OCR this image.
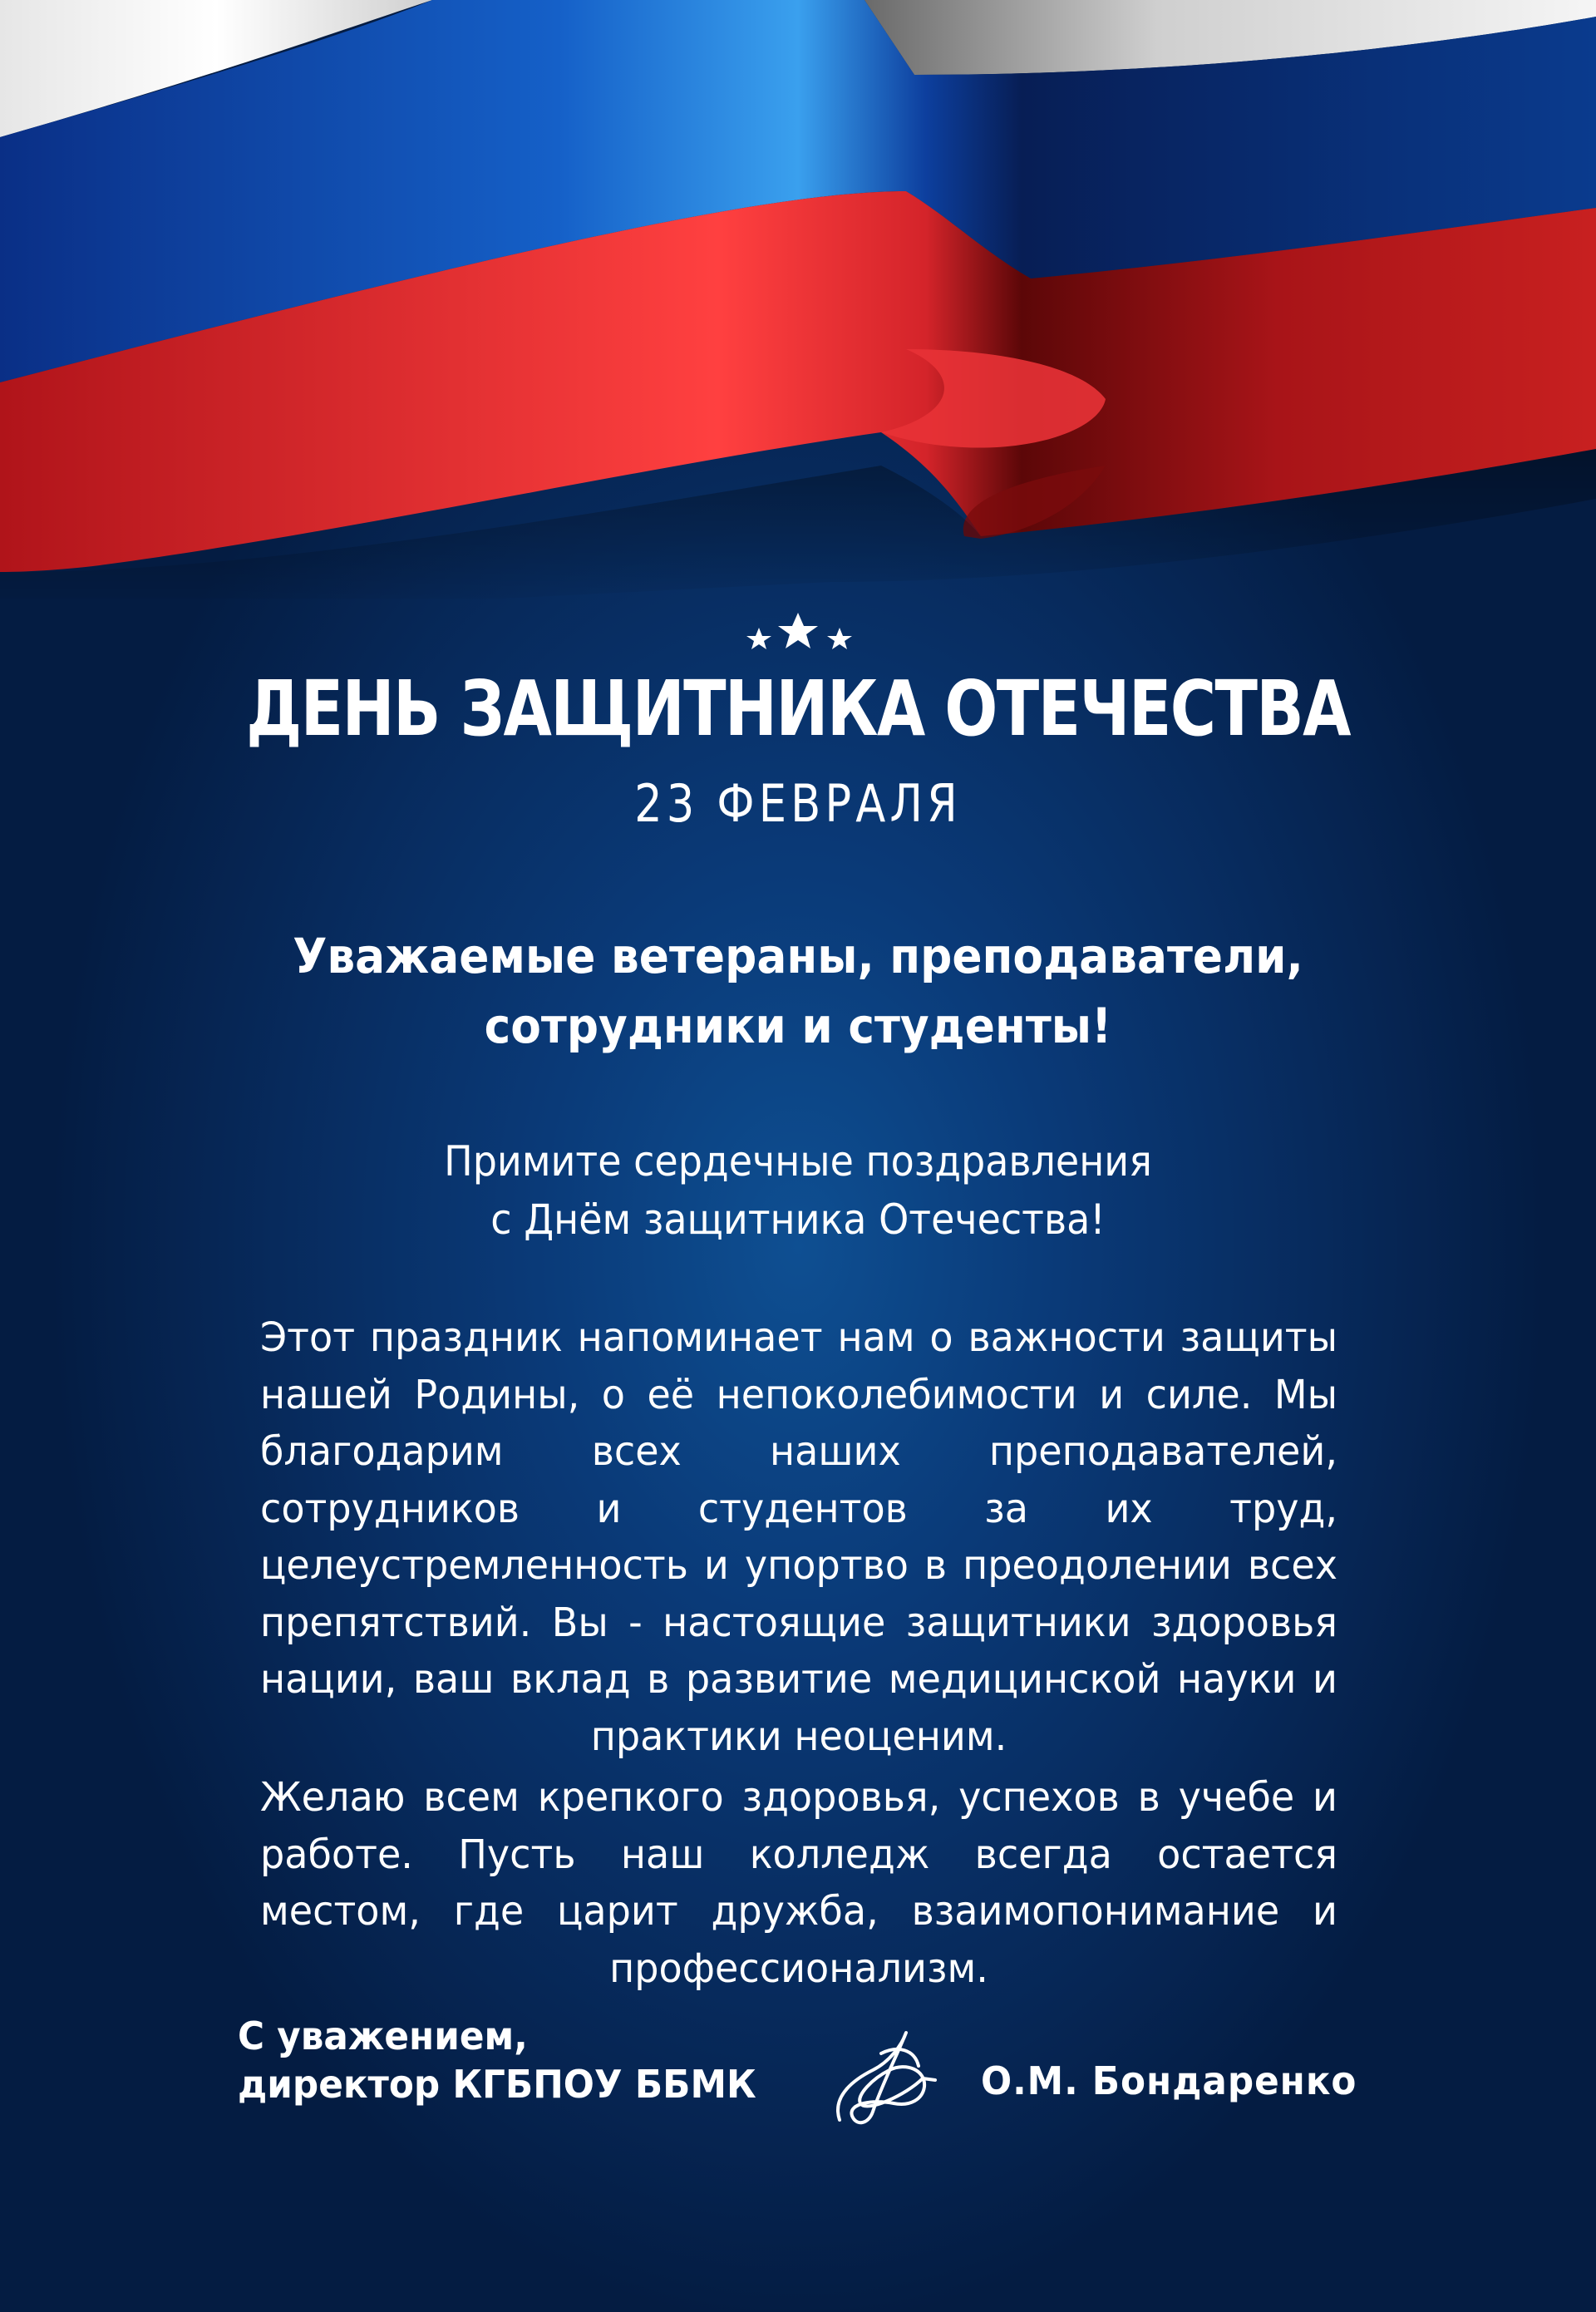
ДЕНЬ ЗАЩИТНИКА ОТЕЧЕСТВА
23 ФЕВРАЛЯ
Уважаемые ветераны, преподаватели,
сотрудники и студенты!
Примите сердечные поздравления
с Днём защитника Отечества!
Этот праздник напоминает нам о важности защиты нашей Родины, о её непоколебимости и силе. Мы благодарим всех наших преподавателей, сотрудников и студентов за их труд, целеустремленность и упортво в преодолении всех препятствий. Вы - настоящие защитники здоровья нации, ваш вклад в развитие медицинской науки и практики неоценим.
Желаю всем крепкого здоровья, успехов в учебе и работе. Пусть наш колледж всегда остается местом, где царит дружба, взаимопонимание и профессионализм.
С уважением,
директор КГБПОУ ББМК	О.М. Бондаренко
